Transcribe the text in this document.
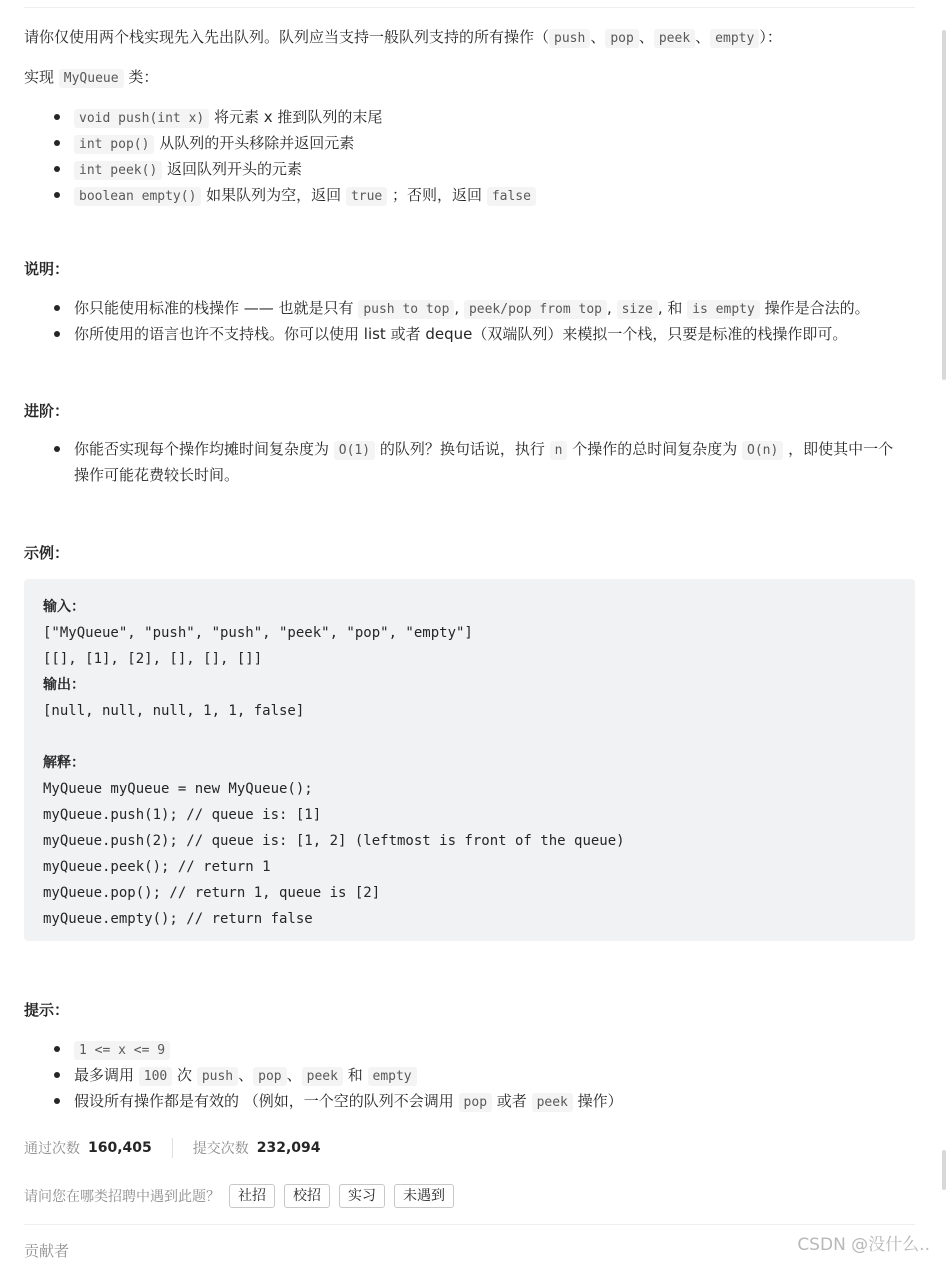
请你仅使用两个栈实现先入先出队列。队列应当支持一般队列支持的所有操作（ push 、 pop 、 peek 、 empty ）：

实现 MyQueue 类：

void push(int x) 将元素 x 推到队列的末尾
int pop() 从队列的开头移除并返回元素
int peek() 返回队列开头的元素
boolean empty() 如果队列为空，返回 true ；否则，返回 false
说明：
你只能使用标准的栈操作 —— 也就是只有 push to top , peek/pop from top , size , 和 is empty 操作是合法的。
你所使用的语言也许不支持栈。你可以使用 list 或者 deque（双端队列）来模拟一个栈，只要是标准的栈操作即可。
进阶：
你能否实现每个操作均摊时间复杂度为 O(1) 的队列？换句话说，执行 n 个操作的总时间复杂度为 O(n) ，即使其中一个操作可能花费较长时间。
示例：
输入：
["MyQueue", "push", "push", "peek", "pop", "empty"]
[[], [1], [2], [], [], []]
输出：
[null, null, null, 1, 1, false]

解释：
MyQueue myQueue = new MyQueue();
myQueue.push(1); // queue is: [1]
myQueue.push(2); // queue is: [1, 2] (leftmost is front of the queue)
myQueue.peek(); // return 1
myQueue.pop(); // return 1, queue is [2]
myQueue.empty(); // return false
提示：
1 <= x <= 9
最多调用 100 次 push 、 pop 、 peek 和 empty
假设所有操作都是有效的 （例如，一个空的队列不会调用 pop 或者 peek 操作）
通过次数 160,405	提交次数 232,094
请问您在哪类招聘中遇到此题？	社招	校招	实习	未遇到
贡献者	CSDN @没什么..
